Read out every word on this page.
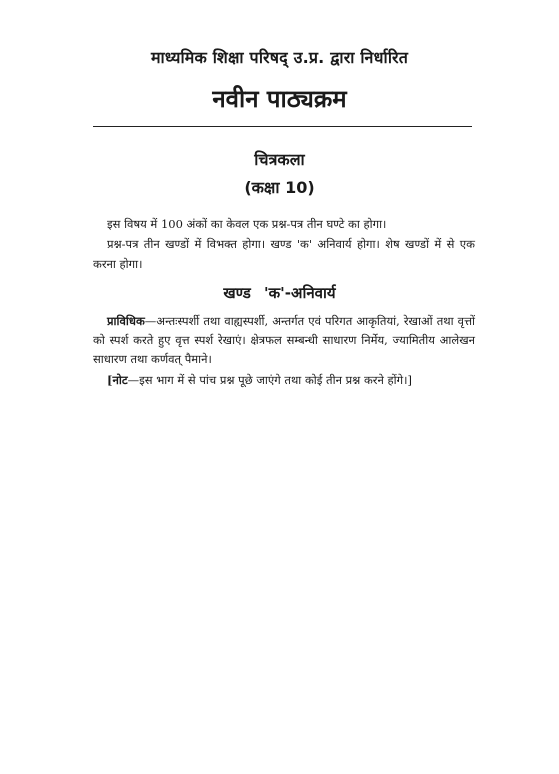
माध्यमिक शिक्षा परिषद् उ.प्र. द्वारा निर्धारित
नवीन पाठ्यक्रम
चित्रकला
(कक्षा 10)
इस विषय में 100 अंकों का केवल एक प्रश्न-पत्र तीन घण्टे का होगा।
प्रश्न-पत्र तीन खण्डों में विभक्त होगा। खण्ड 'क' अनिवार्य होगा। शेष खण्डों में से एक करना होगा।
खण्ड 'क'-अनिवार्य
प्राविधिक—अन्तःस्पर्शी तथा वाह्यस्पर्शी, अन्तर्गत एवं परिगत आकृतियां, रेखाओं तथा वृत्तों को स्पर्श करते हुए वृत्त स्पर्श रेखाएं। क्षेत्रफल सम्बन्धी साधारण निर्मेय, ज्यामितीय आलेखन साधारण तथा कर्णवत् पैमाने।
[नोट—इस भाग में से पांच प्रश्न पूछे जाएंगे तथा कोई तीन प्रश्न करने होंगे।]
